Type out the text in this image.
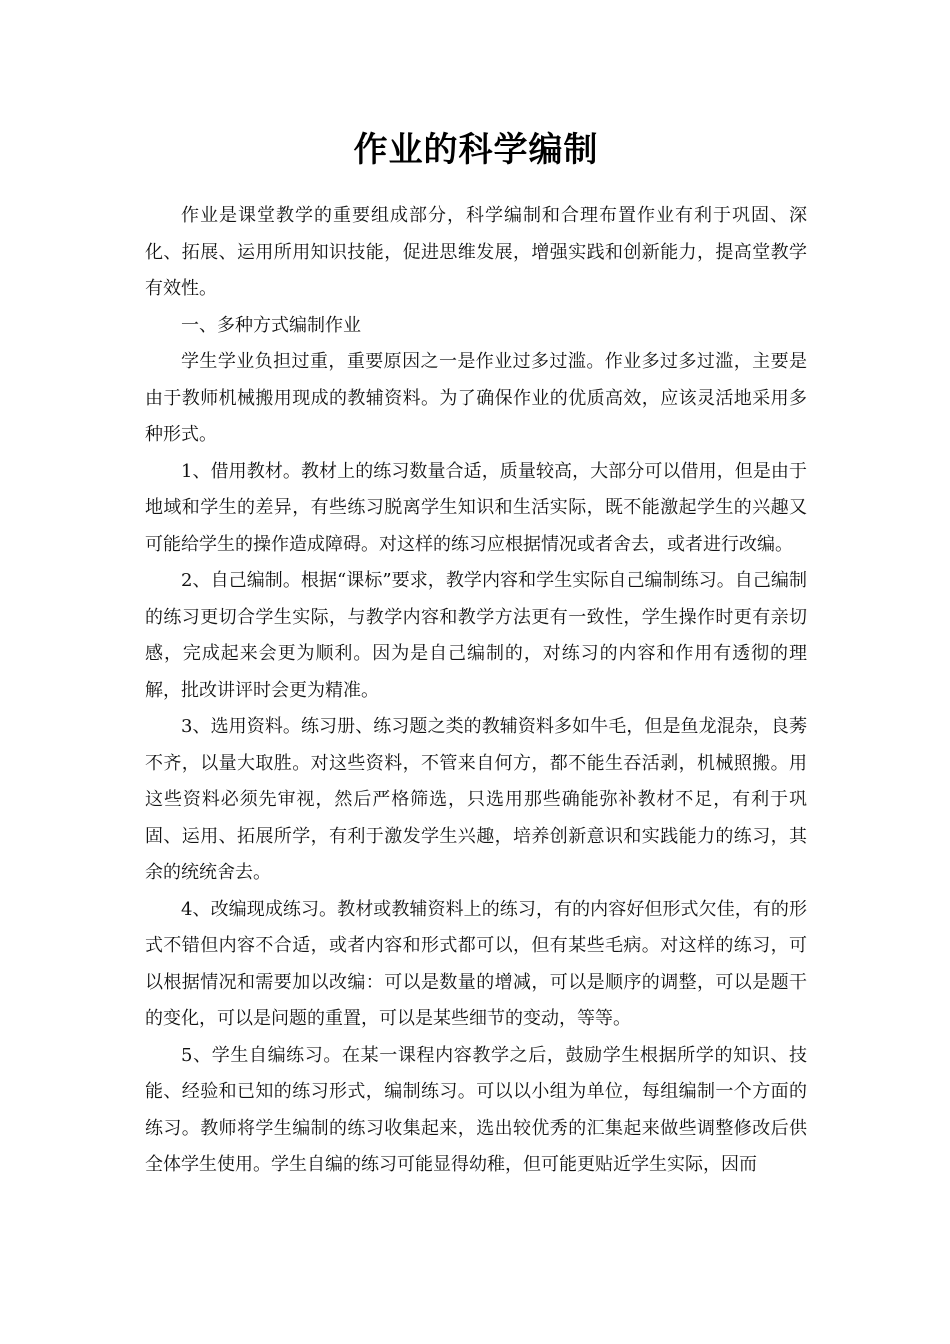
作业的科学编制

作业是课堂教学的重要组成部分，科学编制和合理布置作业有利于巩固、深化、拓展、运用所用知识技能，促进思维发展，增强实践和创新能力，提高堂教学有效性。

一、多种方式编制作业

学生学业负担过重，重要原因之一是作业过多过滥。作业多过多过滥，主要是由于教师机械搬用现成的教辅资料。为了确保作业的优质高效，应该灵活地采用多种形式。

1、借用教材。教材上的练习数量合适，质量较高，大部分可以借用，但是由于地域和学生的差异，有些练习脱离学生知识和生活实际，既不能激起学生的兴趣又可能给学生的操作造成障碍。对这样的练习应根据情况或者舍去，或者进行改编。

2、自己编制。根据“课标”要求，教学内容和学生实际自己编制练习。自己编制的练习更切合学生实际，与教学内容和教学方法更有一致性，学生操作时更有亲切感，完成起来会更为顺利。因为是自己编制的，对练习的内容和作用有透彻的理解，批改讲评时会更为精准。

3、选用资料。练习册、练习题之类的教辅资料多如牛毛，但是鱼龙混杂，良莠不齐，以量大取胜。对这些资料，不管来自何方，都不能生吞活剥，机械照搬。用这些资料必须先审视，然后严格筛选，只选用那些确能弥补教材不足，有利于巩固、运用、拓展所学，有利于激发学生兴趣，培养创新意识和实践能力的练习，其余的统统舍去。

4、改编现成练习。教材或教辅资料上的练习，有的内容好但形式欠佳，有的形式不错但内容不合适，或者内容和形式都可以，但有某些毛病。对这样的练习，可以根据情况和需要加以改编：可以是数量的增减，可以是顺序的调整，可以是题干的变化，可以是问题的重置，可以是某些细节的变动，等等。

5、学生自编练习。在某一课程内容教学之后，鼓励学生根据所学的知识、技能、经验和已知的练习形式，编制练习。可以以小组为单位，每组编制一个方面的练习。教师将学生编制的练习收集起来，选出较优秀的汇集起来做些调整修改后供全体学生使用。学生自编的练习可能显得幼稚，但可能更贴近学生实际，因而
